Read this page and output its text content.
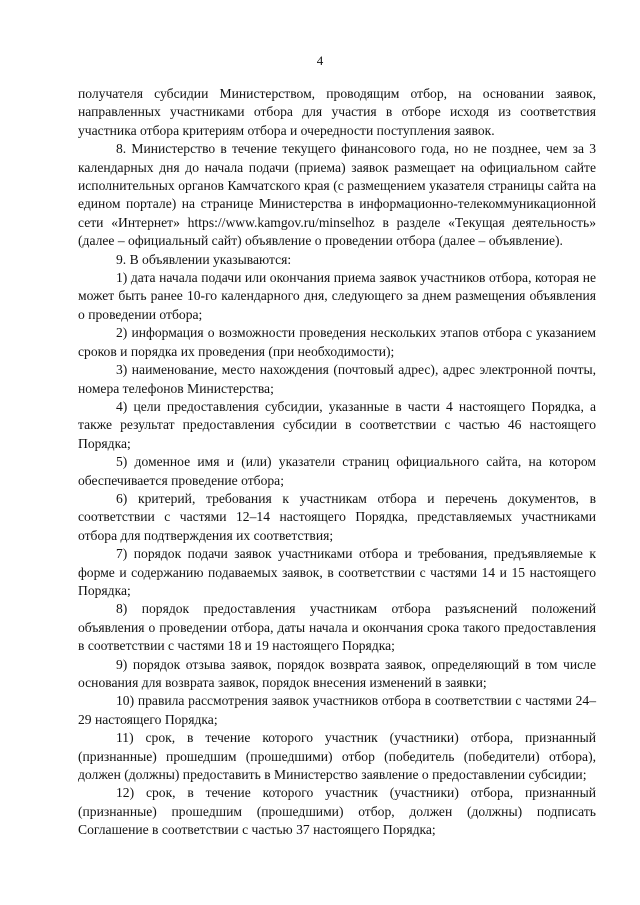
4

получателя субсидии Министерством, проводящим отбор, на основании заявок, направленных участниками отбора для участия в отборе исходя из соответствия участника отбора критериям отбора и очередности поступления заявок.

8. Министерство в течение текущего финансового года, но не позднее, чем за 3 календарных дня до начала подачи (приема) заявок размещает на официальном сайте исполнительных органов Камчатского края (с размещением указателя страницы сайта на едином портале) на странице Министерства в информационно-телекоммуникационной сети «Интернет» https://www.kamgov.ru/minselhoz в разделе «Текущая деятельность» (далее – официальный сайт) объявление о проведении отбора (далее – объявление).

9. В объявлении указываются:

1) дата начала подачи или окончания приема заявок участников отбора, которая не может быть ранее 10-го календарного дня, следующего за днем размещения объявления о проведении отбора;

2) информация о возможности проведения нескольких этапов отбора с указанием сроков и порядка их проведения (при необходимости);

3) наименование, место нахождения (почтовый адрес), адрес электронной почты, номера телефонов Министерства;

4) цели предоставления субсидии, указанные в части 4 настоящего Порядка, а также результат предоставления субсидии в соответствии с частью 46 настоящего Порядка;

5) доменное имя и (или) указатели страниц официального сайта, на котором обеспечивается проведение отбора;

6) критерий, требования к участникам отбора и перечень документов, в соответствии с частями 12–14 настоящего Порядка, представляемых участниками отбора для подтверждения их соответствия;

7) порядок подачи заявок участниками отбора и требования, предъявляемые к форме и содержанию подаваемых заявок, в соответствии с частями 14 и 15 настоящего Порядка;

8) порядок предоставления участникам отбора разъяснений положений объявления о проведении отбора, даты начала и окончания срока такого предоставления в соответствии с частями 18 и 19 настоящего Порядка;

9) порядок отзыва заявок, порядок возврата заявок, определяющий в том числе основания для возврата заявок, порядок внесения изменений в заявки;

10) правила рассмотрения заявок участников отбора в соответствии с частями 24–29 настоящего Порядка;

11) срок, в течение которого участник (участники) отбора, признанный (признанные) прошедшим (прошедшими) отбор (победитель (победители) отбора), должен (должны) предоставить в Министерство заявление о предоставлении субсидии;

12) срок, в течение которого участник (участники) отбора, признанный (признанные) прошедшим (прошедшими) отбор, должен (должны) подписать Соглашение в соответствии с частью 37 настоящего Порядка;
